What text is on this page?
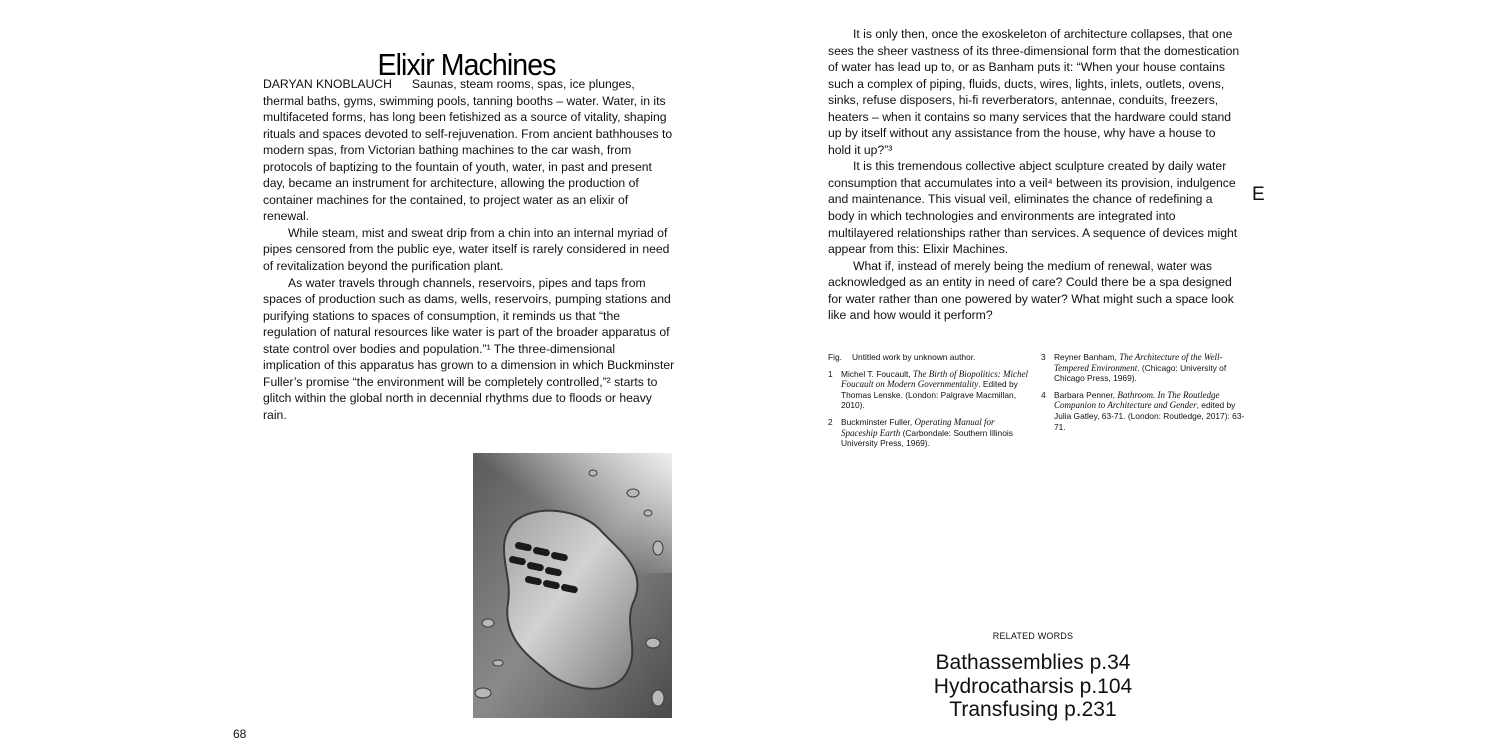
Elixir Machines

DARYAN KNOBLAUCH Saunas, steam rooms, spas, ice plunges, thermal baths, gyms, swimming pools, tanning booths – water. Water, in its multifaceted forms, has long been fetishized as a source of vitality, shaping rituals and spaces devoted to self-rejuvenation. From ancient bathhouses to modern spas, from Victorian bathing machines to the car wash, from protocols of baptizing to the fountain of youth, water, in past and present day, became an instrument for architecture, allowing the production of container machines for the contained, to project water as an elixir of renewal.

While steam, mist and sweat drip from a chin into an internal myriad of pipes censored from the public eye, water itself is rarely considered in need of revitalization beyond the purification plant.

As water travels through channels, reservoirs, pipes and taps from spaces of production such as dams, wells, reservoirs, pumping stations and purifying stations to spaces of consumption, it reminds us that “the regulation of natural resources like water is part of the broader apparatus of state control over bodies and population.”¹ The three-dimensional implication of this apparatus has grown to a dimension in which Buckminster Fuller’s promise “the environment will be completely controlled,”² starts to glitch within the global north in decennial rhythms due to floods or heavy rain.

68

It is only then, once the exoskeleton of architecture collapses, that one sees the sheer vastness of its three-dimensional form that the domestication of water has lead up to, or as Banham puts it: “When your house contains such a complex of piping, fluids, ducts, wires, lights, inlets, outlets, ovens, sinks, refuse disposers, hi-fi reverberators, antennae, conduits, freezers, heaters – when it contains so many services that the hardware could stand up by itself without any assistance from the house, why have a house to hold it up?”³

It is this tremendous collective abject sculpture created by daily water consumption that accumulates into a veil⁴ between its provision, indulgence and maintenance. This visual veil, eliminates the chance of redefining a body in which technologies and environments are integrated into multilayered relationships rather than services. A sequence of devices might appear from this: Elixir Machines.

What if, instead of merely being the medium of renewal, water was acknowledged as an entity in need of care? Could there be a spa designed for water rather than one powered by water? What might such a space look like and how would it perform?

E
Fig.	Untitled work by unknown author.
1 Michel T. Foucault, The Birth of Biopolitics: Michel Foucault on Modern Governmentality. Edited by Thomas Lenske. (London: Palgrave Macmillan, 2010).
2 Buckminster Fuller, Operating Manual for Spaceship Earth (Carbondale: Southern Illinois University Press, 1969).
3 Reyner Banham, The Architecture of the Well-Tempered Environment. (Chicago: University of Chicago Press, 1969).
4 Barbara Penner, Bathroom. In The Routledge Companion to Architecture and Gender, edited by Julia Gatley, 63-71. (London: Routledge, 2017): 63-71.
RELATED WORDS
Bathassemblies p.34
Hydrocatharsis p.104
Transfusing p.231
